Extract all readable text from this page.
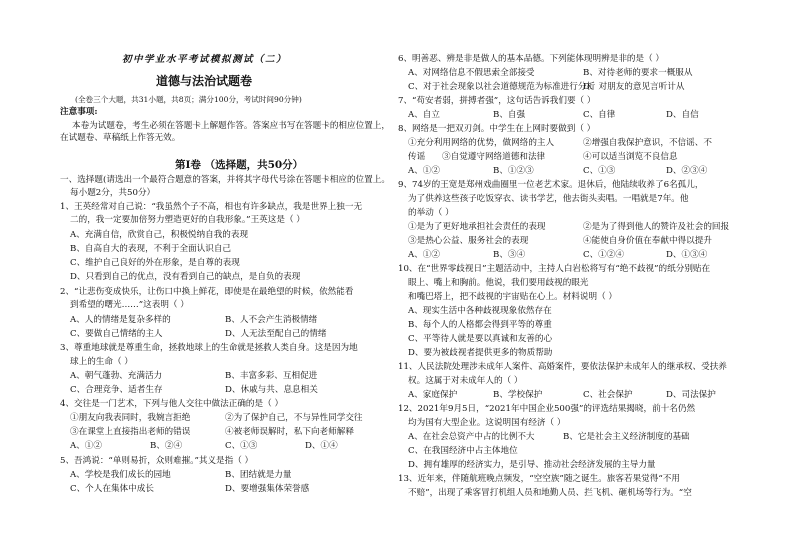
初中学业水平考试模拟测试（二）
道德与法治试题卷
(全卷三个大题，共31小题，共8页；满分100分，考试时间90分钟)
注意事项:
本卷为试题卷，考生必须在答题卡上解题作答。答案应书写在答题卡的相应位置上，
在试题卷、草稿纸上作答无效。
第Ⅰ卷 （选择题，共50分）
一、选择题(请选出一个最符合题意的答案，并将其字母代号涂在答题卡相应的位置上。
每小题2分，共50分）
1、王英经常对自己说：“我虽然个子不高，相也有许多缺点，我是世界上独一无
二的，我一定要加倍努力塑造更好的自我形象。”王英这是（ ）
A、充满自信，欣赏自己，积极悦纳自我的表现
B、自高自大的表现，不利于全面认识自己
C、维护自己良好的外在形象，是自尊的表现
D、只看到自己的优点，没有看到自己的缺点，是自负的表现
2、“让悲伤变成快乐，让伤口中换上鲜花，即使是在最绝望的时候，依然能看
到希望的曙光……”这表明（ ）
A、人的情绪是复杂多样的	B、人不会产生消极情绪
C、要做自己情绪的主人	D、人无法至配自己的情绪
3、尊重地球就是尊重生命，拯救地球上的生命就是拯救人类自身。这是因为地
球上的生命（ ）
A、朝气蓬勃、充满活力	B、丰富多彩、互相促进
C、合理竞争、适者生存	D、休戚与共、息息相关
4、交往是一门艺术，下列与他人交往中做法正确的是（ ）
①朋友向我表同时，我婉言拒绝	②为了保护自己，不与异性同学交往
③在课堂上直接指出老师的错误	④被老师误解时，私下向老师解释
A、①②	B、②④	C、①③	D、①④
5、吾鸿说：“单则易折，众则难摧。”其义是指（ ）
A、学校是我们成长的园地	B、团结就是力量
C、个人在集体中成长	D、要增强集体荣誉感
6、明善恶、辨是非是做人的基本品德。下列能体现明辨是非的是（ ）
A、对网络信息不假思索全部接受	B、对待老师的要求一概服从
C、对于社会现象以社会道德规范为标准进行分析
D、对朋友的意见言听计从
7、“苟安者弱，拼搏者强”，这句话告诉我们要（ ）
A、自立	B、自强	C、自律	D、自信
8、网络是一把双刃剑。中学生在上网时要做到（ ）
①充分利用网络的优势，做网络的主人	②增强自我保护意识，不信谣、不
传谣 ③自觉遵守网络道德和法律	④可以适当浏览不良信息
A、①②	B、①②③	C、①③	D、②③④
9、74岁的王宽是郑州戏曲圈里一位老艺术家。退休后，他陆续收养了6名孤儿，
为了供养这些孩子吃饭穿衣、读书学艺，他去街头卖唱。一唱就是7年。他
的举动（ ）
①是为了更好地承担社会责任的表现	②是为了得到他人的赞许及社会的回报
③是热心公益、服务社会的表现	④能使自身价值在奉献中得以提升
A、①②	B、③④	C、①②④	D、①③④
10、在“世界零歧视日”主题活动中，主持人白岩松将写有“绝不歧视”的纸分别贴在
眼上、嘴上和胸前。他说，我们要用歧视的眼光
和嘴巴塔上，把不歧视的宇宙贴在心上。材料说明（ ）
A、现实生活中各种歧视现象依然存在
B、每个人的人格都会得到平等的尊重
C、平等待人就是要以真诚和友善的心
D、要为被歧视者提供更多的物质帮助
11、人民法院处理涉未成年人案件、高婚案件，要依法保护未成年人的继承权、受扶养
权。这属于对未成年人的（ ）
A、家庭保护	B、学校保护	C、社会保护	D、司法保护
12、2021年9月5日，“2021年中国企业500强”的评选结果揭晓，前十名仍然
均为国有大型企业。这说明国有经济（ ）
A、在社会总资产中占的比例不大	B、它是社会主义经济制度的基础
C、在我国经济中占主体地位
D、拥有雄厚的经济实力，是引导、推动社会经济发展的主导力量
13、近年来，伴随航班晚点频发，“空空族”随之诞生。旅客若果觉得“不用
不赔”，出现了乘客冒打机组人员和地勤人员、拦飞机、砸机场等行为。“空
